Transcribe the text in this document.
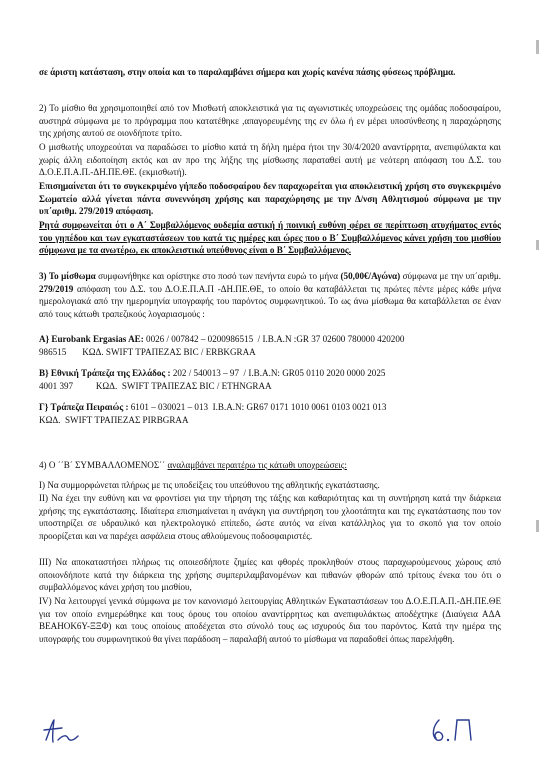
σε άριστη κατάσταση, στην οποία και το παραλαμβάνει σήμερα και χωρίς κανένα πάσης φύσεως πρόβλημα.
2) Το μίσθιο θα χρησιμοποιηθεί από τον Μισθωτή αποκλειστικά για τις αγωνιστικές υποχρεώσεις της ομάδας ποδοσφαίρου, αυστηρά σύμφωνα με το πρόγραμμα που κατατέθηκε ,απαγορευμένης της εν όλω ή εν μέρει υποσύνθεσης η παραχώρησης της χρήσης αυτού σε οιονδήποτε τρίτο.
Ο μισθωτής υποχρεούται να παραδώσει το μίσθιο κατά τη δήλη ημέρα ήτοι την 30/4/2020 αναντίρρητα, ανεπιφύλακτα και χωρίς άλλη ειδοποίηση εκτός και αν προ της λήξης της μίσθωσης παραταθεί αυτή με νεότερη απόφαση του Δ.Σ. του Δ.Ο.Ε.Π.Α.Π.-ΔΗ.ΠΕ.ΘΕ. (εκμισθωτή).
Επισημαίνεται ότι το συγκεκριμένο γήπεδο ποδοσφαίρου δεν παραχωρείται για αποκλειστική χρήση στο συγκεκριμένο Σωματείο αλλά γίνεται πάντα συνεννόηση χρήσης και παραχώρησης με την Δ/νση Αθλητισμού σύμφωνα με την υπ΄αριθμ. 279/2019 απόφαση.
Ρητά συμφωνείται ότι ο Α΄ Συμβαλλόμενος ουδεμία αστική ή ποινική ευθύνη φέρει σε περίπτωση ατυχήματος εντός του γηπέδου και των εγκαταστάσεων του κατά τις ημέρες και ώρες που ο Β΄ Συμβαλλόμενος κάνει χρήση του μισθίου σύμφωνα με τα ανωτέρω, εκ αποκλειστικά υπεύθυνος είναι ο Β΄ Συμβαλλόμενος.
3) Το μίσθωμα συμφωνήθηκε και ορίστηκε στο ποσό των πενήντα ευρώ το μήνα (50,00€/Αγώνα) σύμφωνα με την υπ΄αριθμ. 279/2019 απόφαση του Δ.Σ. του Δ.Ο.Ε.Π.Α.Π -ΔΗ.ΠΕ.ΘΕ, το οποίο θα καταβάλλεται τις πρώτες πέντε μέρες κάθε μήνα ημερολογιακά από την ημερομηνία υπογραφής του παρόντος συμφωνητικού. Το ως άνω μίσθωμα θα καταβάλλεται σε έναν από τους κάτωθι τραπεζικούς λογαριασμούς :
A} Eurobank Ergasias AE: 0026 / 007842 – 0200986515  / I.B.A.N :GR 37 02600 780000 420200
986515       ΚΩΔ. SWIFT ΤΡΑΠΕΖΑΣ BIC / ERBKGRAA
B} Εθνική Τράπεζα της Ελλάδος : 202 / 540013 – 97  / I.B.A.N: GR05 0110 2020 0000 2025
4001 397          ΚΩΔ.  SWIFT ΤΡΑΠΕΖΑΣ BIC / ETHNGRAA
Γ} Τράπεζα Πειραιώς : 6101 – 030021 – 013  I.B.A.N: GR67 0171 1010 0061 0103 0021 013
ΚΩΔ.  SWIFT ΤΡΑΠΕΖΑΣ PIRBGRAA
4) Ο ΄΄Β΄ ΣΥΜΒΑΛΛΟΜΕΝΟΣ΄΄ αναλαμβάνει περαιτέρω τις κάτωθι υποχρεώσεις:
Ι) Να συμμορφώνεται πλήρως με τις υποδείξεις του υπεύθυνου της αθλητικής εγκατάστασης.
ΙΙ) Να έχει την ευθύνη και να φροντίσει για την τήρηση της τάξης και καθαριότητας και τη συντήρηση κατά την διάρκεια χρήσης της εγκατάστασης. Ιδιαίτερα επισημαίνεται η ανάγκη για συντήρηση του χλοοτάπητα και της εγκατάστασης που τον υποστηρίζει σε υδραυλικό και ηλεκτρολογικό επίπεδο, ώστε αυτός να είναι κατάλληλος για το σκοπό για τον οποίο προορίζεται και να παρέχει ασφάλεια στους αθλούμενους ποδοσφαιριστές.
ΙΙΙ) Να αποκαταστήσει πλήρως τις οποιεσδήποτε ζημίες και φθορές προκληθούν στους παραχωρούμενους χώρους από οποιονδήποτε κατά την διάρκεια της χρήσης συμπεριλαμβανομένων και πιθανών φθορών από τρίτους ένεκα του ότι ο συμβαλλόμενος κάνει χρήση του μισθίου,
ΙV) Να λειτουργεί γενικά σύμφωνα με τον κανονισμό λειτουργίας Αθλητικών Εγκαταστάσεων του Δ.Ο.Ε.Π.Α.Π.-ΔΗ.ΠΕ.ΘΕ για τον οποίο ενημερώθηκε και τους όρους του οποίου αναντίρρητως και ανεπιφυλάκτως αποδέχτηκε (Διαύγεια ΑΔΑ ΒΕΑΗΟΚ6Υ-ΞΞΦ) και τους οποίους αποδέχεται στο σύνολό τους ως ισχυρούς δια του παρόντος. Κατά την ημέρα της υπογραφής του συμφωνητικού θα γίνει παράδοση – παραλαβή αυτού το μίσθωμα να παραδοθεί όπως παρελήφθη.
